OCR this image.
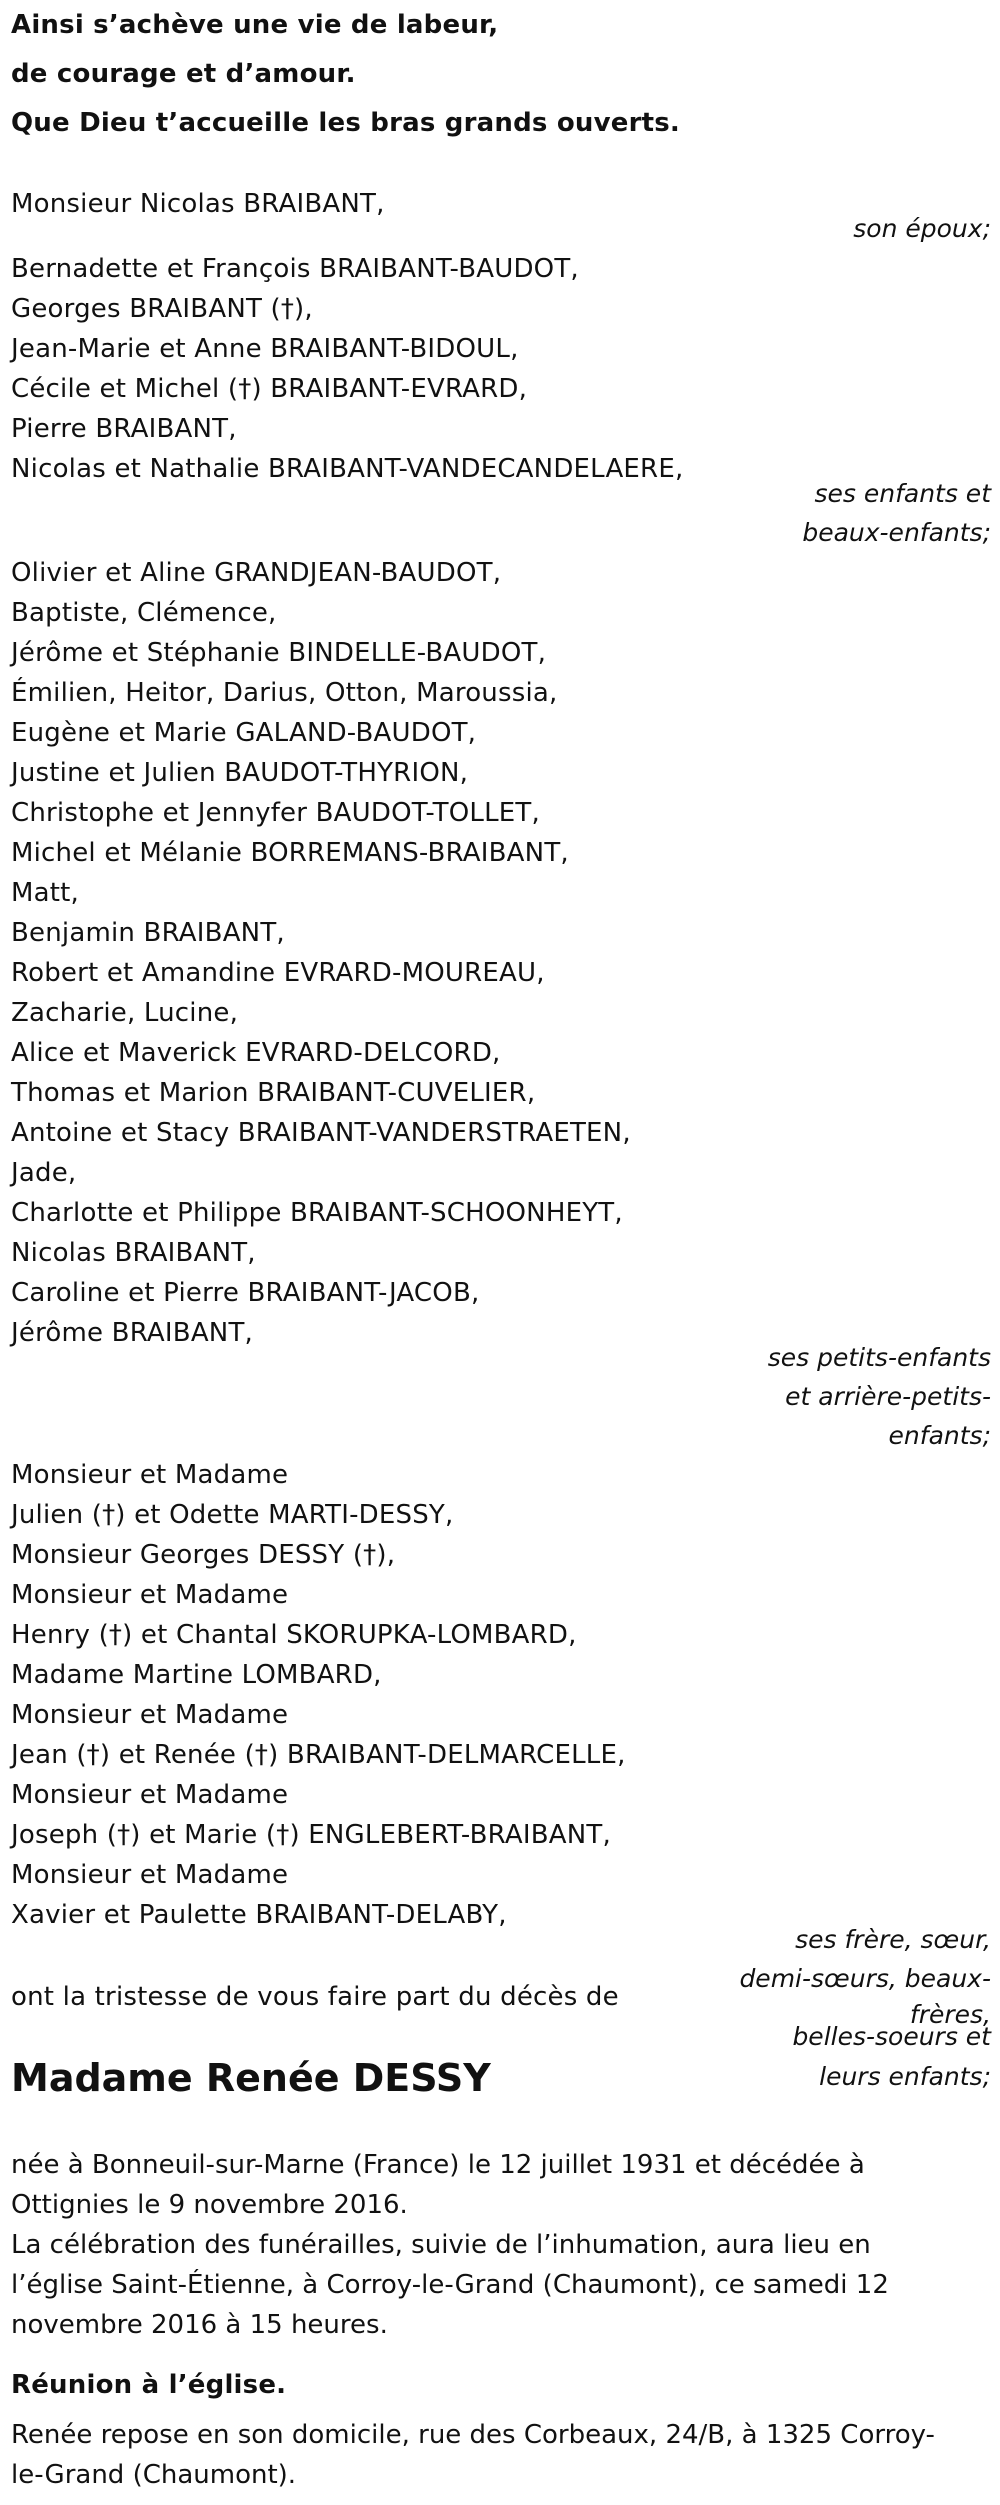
Ainsi s’achève une vie de labeur,
de courage et d’amour.
Que Dieu t’accueille les bras grands ouverts.
Monsieur Nicolas BRAIBANT,
son époux;
Bernadette et François BRAIBANT-BAUDOT,
Georges BRAIBANT (†),
Jean-Marie et Anne BRAIBANT-BIDOUL,
Cécile et Michel (†) BRAIBANT-EVRARD,
Pierre BRAIBANT,
Nicolas et Nathalie BRAIBANT-VANDECANDELAERE,
ses enfants et
beaux-enfants;
Olivier et Aline GRANDJEAN-BAUDOT,
Baptiste, Clémence,
Jérôme et Stéphanie BINDELLE-BAUDOT,
Émilien, Heitor, Darius, Otton, Maroussia,
Eugène et Marie GALAND-BAUDOT,
Justine et Julien BAUDOT-THYRION,
Christophe et Jennyfer BAUDOT-TOLLET,
Michel et Mélanie BORREMANS-BRAIBANT,
Matt,
Benjamin BRAIBANT,
Robert et Amandine EVRARD-MOUREAU,
Zacharie, Lucine,
Alice et Maverick EVRARD-DELCORD,
Thomas et Marion BRAIBANT-CUVELIER,
Antoine et Stacy BRAIBANT-VANDERSTRAETEN,
Jade,
Charlotte et Philippe BRAIBANT-SCHOONHEYT,
Nicolas BRAIBANT,
Caroline et Pierre BRAIBANT-JACOB,
Jérôme BRAIBANT,
ses petits-enfants
et arrière-petits-
enfants;
Monsieur et Madame
Julien (†) et Odette MARTI-DESSY,
Monsieur Georges DESSY (†),
Monsieur et Madame
Henry (†) et Chantal SKORUPKA-LOMBARD,
Madame Martine LOMBARD,
Monsieur et Madame
Jean (†) et Renée (†) BRAIBANT-DELMARCELLE,
Monsieur et Madame
Joseph (†) et Marie (†) ENGLEBERT-BRAIBANT,
Monsieur et Madame
Xavier et Paulette BRAIBANT-DELABY,
ses frère, sœur,
demi-sœurs, beaux-
frères,
belles-soeurs et
leurs enfants;
ont la tristesse de vous faire part du décès de
Madame Renée DESSY
née à Bonneuil-sur-Marne (France) le 12 juillet 1931 et décédée à Ottignies le 9 novembre 2016.
La célébration des funérailles, suivie de l’inhumation, aura lieu en l’église Saint-Étienne, à Corroy-le-Grand (Chaumont), ce samedi 12 novembre 2016 à 15 heures.
Réunion à l’église.
Renée repose en son domicile, rue des Corbeaux, 24/B, à 1325 Corroy-le-Grand (Chaumont).
